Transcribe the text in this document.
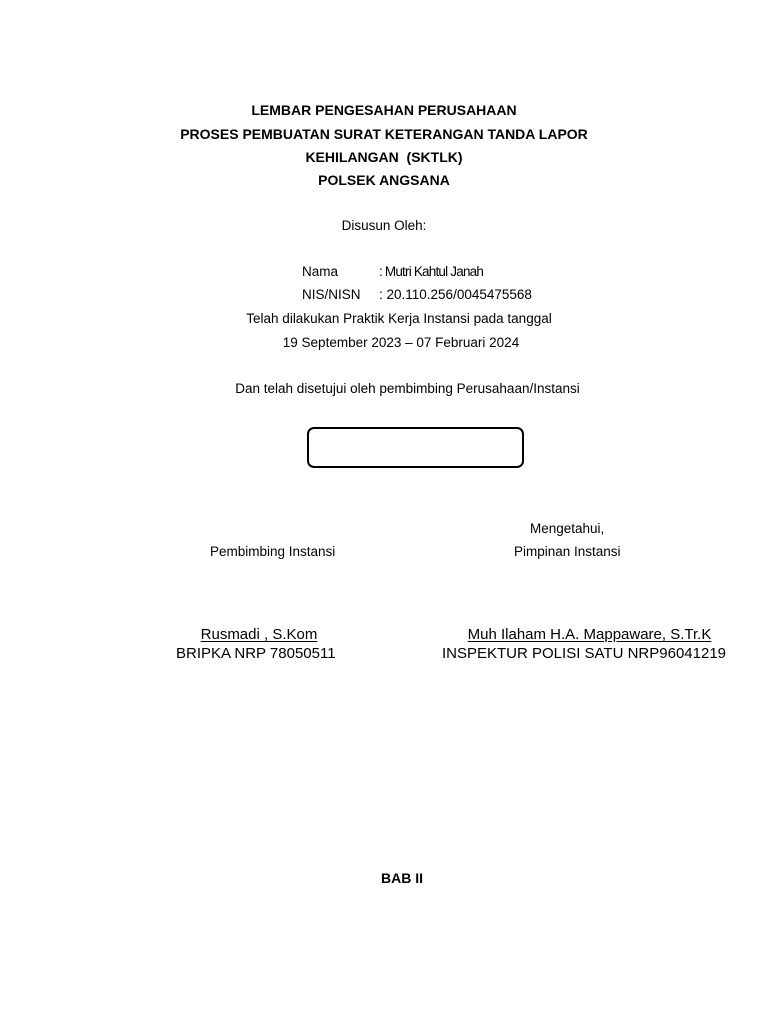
LEMBAR PENGESAHAN PERUSAHAAN
PROSES PEMBUATAN SURAT KETERANGAN TANDA LAPOR
KEHILANGAN  (SKTLK)
POLSEK ANGSANA
Disusun Oleh:
Nama	: Mutri Kahtul Janah
NIS/NISN : 20.110.256/0045475568
Telah dilakukan Praktik Kerja Instansi pada tanggal
19 September 2023 – 07 Februari 2024
Dan telah disetujui oleh pembimbing Perusahaan/Instansi
Mengetahui,
Pembimbing Instansi	Pimpinan Instansi
Rusmadi , S.Kom
BRIPKA NRP 78050511
Muh Ilaham H.A. Mappaware, S.Tr.K
INSPEKTUR POLISI SATU NRP96041219
BAB II
